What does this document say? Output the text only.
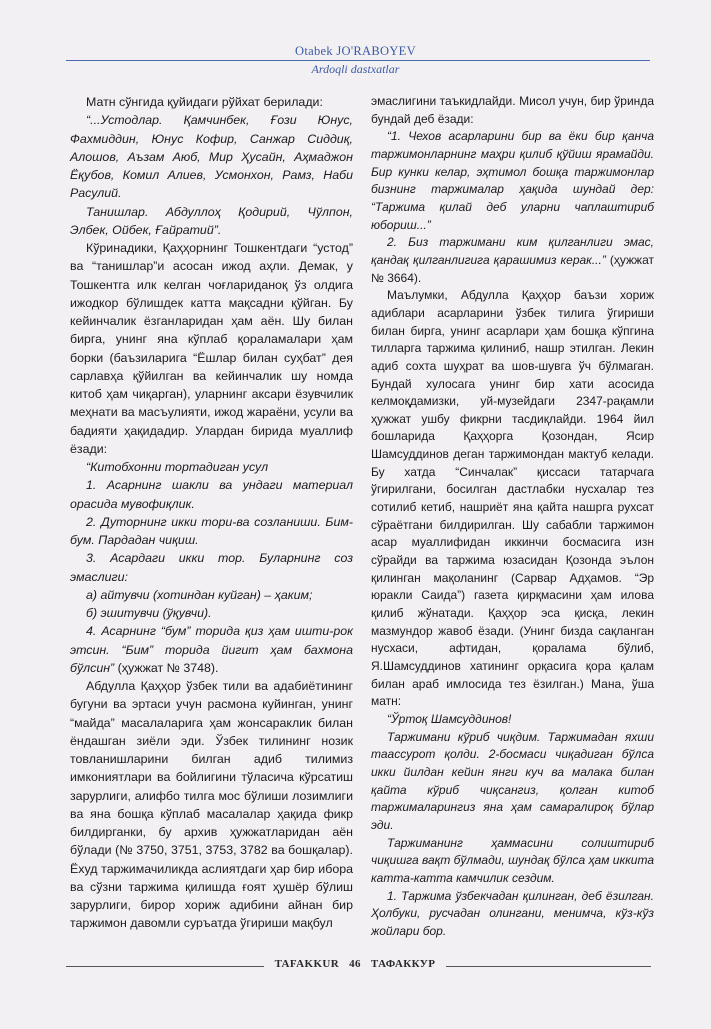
Otabek JO'RABOYEV
Ardoqli dastxatlar

Матн сўнгида қуйидаги рўйхат берилади:

“...Устодлар. Қамчинбек, Ғози Юнус, Фахмиддин, Юнус Кофир, Санжар Сиддиқ, Алошов, Аъзам Аюб, Мир Ҳусайн, Аҳмаджон Ёқубов, Комил Алиев, Усмонхон, Рамз, Наби Расулий.

Танишлар. Абдуллоҳ Қодирий, Чўлпон, Элбек, Ойбек, Ғайратий”.

Кўринадики, Қаҳҳорнинг Тошкентдаги “устод” ва “танишлар”и асосан ижод аҳли. Демак, у Тошкентга илк келган чоғлариданоқ ўз олдига ижодкор бўлишдек катта мақсадни қўйган. Бу кейинчалик ёзганларидан ҳам аён. Шу билан бирга, унинг яна кўплаб қораламалари ҳам борки (баъзиларига “Ёшлар билан суҳбат” дея сарлавҳа қўйилган ва кейинчалик шу номда китоб ҳам чиқарган), уларнинг аксари ёзувчилик меҳнати ва масъулияти, ижод жараёни, усули ва бадияти ҳақидадир. Улардан бирида муаллиф ёзади:

“Китобхонни тортадиган усул

1. Асарнинг шакли ва ундаги материал орасида мувофиқлик.

2. Дуторнинг икки тори-ва созланиши. Бим-бум. Пардадан чиқиш.

3. Асардаги икки тор. Буларнинг соз эмаслиги:

а) айтувчи (хотиндан куйган) – ҳаким;

б) эшитувчи (ўқувчи).

4. Асарнинг “бум” торида қиз ҳам ишти-рок этсин. “Бим” торида йигит ҳам бахмона бўлсин” (ҳужжат № 3748).

Абдулла Қаҳҳор ўзбек тили ва адабиётининг бугуни ва эртаси учун расмона куйинган, унинг “майда” масалаларига ҳам жонсараклик билан ёндашган зиёли эди. Ўзбек тилининг нозик товланишларини билган адиб тилимиз имкониятлари ва бойлигини тўласича кўрсатиш зарурлиги, алифбо тилга мос бўлиши лозимлиги ва яна бошқа кўплаб масалалар ҳақида фикр билдирганки, бу архив ҳужжатларидан аён бўлади (№ 3750, 3751, 3753, 3782 ва бошқалар). Ёхуд таржимачиликда аслиятдаги ҳар бир ибора ва сўзни таржима қилишда ғоят ҳушёр бўлиш зарурлиги, бирор хориж адибини айнан бир таржимон давомли суръатда ўгириши мақбул

эмаслигини таъкидлайди. Мисол учун, бир ўринда бундай деб ёзади:

“1. Чехов асарларини бир ва ёки бир қанча таржимонларнинг маҳри қилиб қўйиш ярамайди. Бир кунки келар, эҳтимол бошқа таржимонлар бизнинг таржималар ҳақида шундай дер: “Таржима қилай деб уларни чаплаштириб юбориш...”

2. Биз таржимани ким қилганлиги эмас, қандақ қилганлигига қарашимиз керак...” (ҳужжат № 3664).

Маълумки, Абдулла Қаҳҳор баъзи хориж адиблари асарларини ўзбек тилига ўгириши билан бирга, унинг асарлари ҳам бошқа кўпгина тилларга таржима қилиниб, нашр этилган. Лекин адиб сохта шуҳрат ва шов-шувга ўч бўлмаган. Бундай хулосага унинг бир хати асосида келмоқдамизки, уй-музейдаги 2347-рақамли ҳужжат ушбу фикрни тасдиқлайди. 1964 йил бошларида Қаҳҳорга Қозондан, Ясир Шамсуддинов деган таржимондан мактуб келади. Бу хатда “Синчалак” қиссаси татарчага ўгирилгани, босилган дастлабки нусхалар тез сотилиб кетиб, нашриёт яна қайта нашрга рухсат сўраётгани билдирилган. Шу сабабли таржимон асар муаллифидан иккинчи босмасига изн сўрайди ва таржима юзасидан Қозонда эълон қилинган мақоланинг (Сарвар Адҳамов. “Эр юракли Саида”) газета қирқмасини ҳам илова қилиб жўнатади. Қаҳҳор эса қисқа, лекин мазмундор жавоб ёзади. (Унинг бизда сақланган нусхаси, афтидан, қоралама бўлиб, Я.Шамсуддинов хатининг орқасига қора қалам билан араб имлосида тез ёзилган.) Мана, ўша матн:

“Ўртоқ Шамсуддинов!

Таржимани кўриб чиқдим. Таржимадан яхши таассурот қолди. 2-босмаси чиқадиган бўлса икки йилдан кейин янги куч ва малака билан қайта кўриб чиқсангиз, қолган китоб таржималарингиз яна ҳам самаралироқ бўлар эди.

Таржиманинг ҳаммасини солиштириб чиқишга вақт бўлмади, шундақ бўлса ҳам иккита катта-катта камчилик сездим.

1. Таржима ўзбекчадан қилинган, деб ёзилган. Ҳолбуки, русчадан олингани, менимча, кўз-кўз жойлари бор.

TAFAKKUR 46 ТАФАККУР
